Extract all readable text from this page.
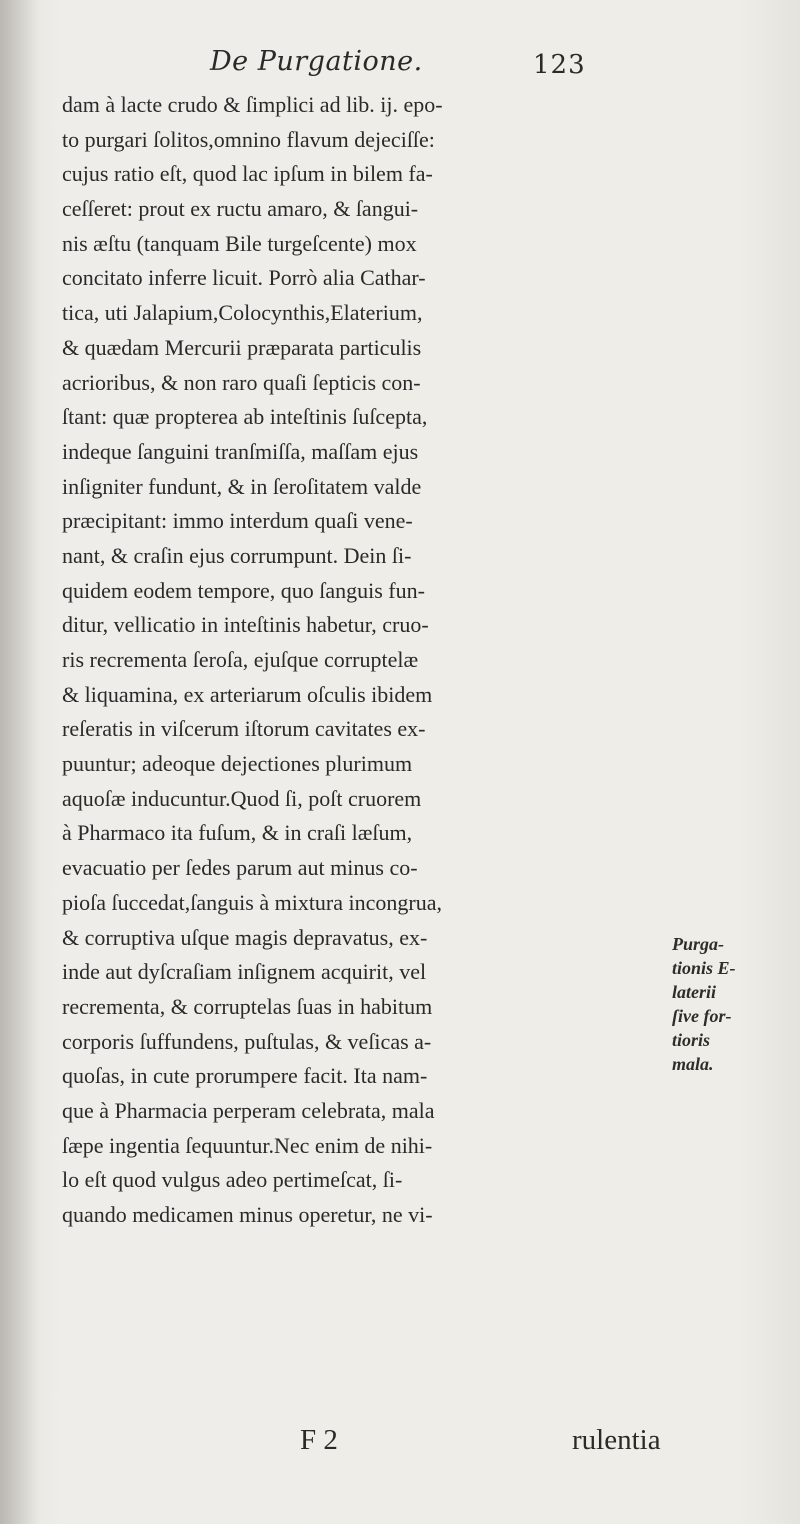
De Purgatione.	123
dam à lacte crudo & ſimplici ad lib. ij. epo-
to purgari ſolitos,omnino flavum dejeciſſe:
cujus ratio eſt, quod lac ipſum in bilem fa-
ceſſeret: prout ex ructu amaro, & ſangui-
nis æſtu (tanquam Bile turgeſcente) mox
concitato inferre licuit. Porrò alia Cathar-
tica, uti Jalapium,Colocynthis,Elaterium,
& quædam Mercurii præparata particulis
acrioribus, & non raro quaſi ſepticis con-
ſtant: quæ propterea ab inteſtinis ſuſcepta,
indeque ſanguini tranſmiſſa, maſſam ejus
inſigniter fundunt, & in ſeroſitatem valde
præcipitant: immo interdum quaſi vene-
nant, & craſin ejus corrumpunt. Dein ſi-
quidem eodem tempore, quo ſanguis fun-
ditur, vellicatio in inteſtinis habetur, cruo-
ris recrementa ſeroſa, ejuſque corruptelæ
& liquamina, ex arteriarum oſculis ibidem
reſeratis in viſcerum iſtorum cavitates ex-
puuntur; adeoque dejectiones plurimum
aquoſæ inducuntur.Quod ſi, poſt cruorem
à Pharmaco ita fuſum, & in craſi læſum,
evacuatio per ſedes parum aut minus co-
pioſa ſuccedat,ſanguis à mixtura incongrua,
& corruptiva uſque magis depravatus, ex-
inde aut dyſcraſiam inſignem acquirit, vel
recrementa, & corruptelas ſuas in habitum
corporis ſuffundens, puſtulas, & veſicas a-
quoſas, in cute prorumpere facit. Ita nam-
que à Pharmacia perperam celebrata, mala
ſæpe ingentia ſequuntur.Nec enim de nihi-
lo eſt quod vulgus adeo pertimeſcat, ſi-
quando medicamen minus operetur, ne vi-
Purga-
tionis E-
laterii
ſive for-
tioris
mala.
F 2	rulentia
